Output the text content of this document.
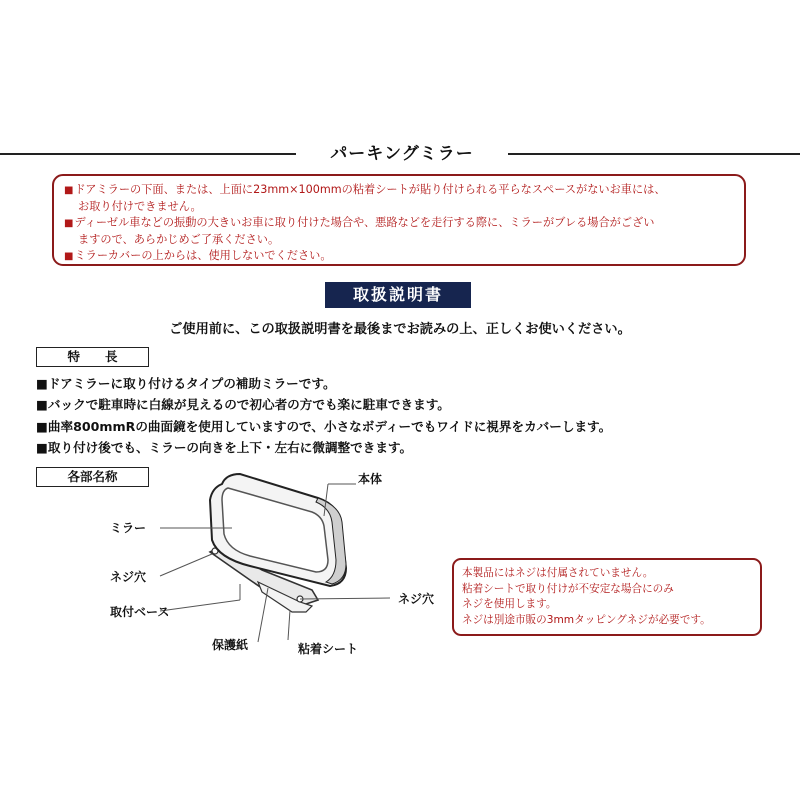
パーキングミラー
■ドアミラーの下面、または、上面に23mm×100mmの粘着シートが貼り付けられる平らなスペースがないお車には、
お取り付けできません。
■ディーゼル車などの振動の大きいお車に取り付けた場合や、悪路などを走行する際に、ミラーがブレる場合がござい
ますので、あらかじめご了承ください。
■ミラーカバーの上からは、使用しないでください。
取扱説明書
ご使用前に、この取扱説明書を最後までお読みの上、正しくお使いください。
特　　長
■ドアミラーに取り付けるタイプの補助ミラーです。
■バックで駐車時に白線が見えるので初心者の方でも楽に駐車できます。
■曲率800mmRの曲面鏡を使用していますので、小さなボディーでもワイドに視界をカバーします。
■取り付け後でも、ミラーの向きを上下・左右に微調整できます。
各部名称	本体
ミラー
ネジ穴
取付ベース
保護紙	粘着シート
ネジ穴
本製品にはネジは付属されていません。
粘着シートで取り付けが不安定な場合にのみ
ネジを使用します。
ネジは別途市販の3mmタッピングネジが必要です。
